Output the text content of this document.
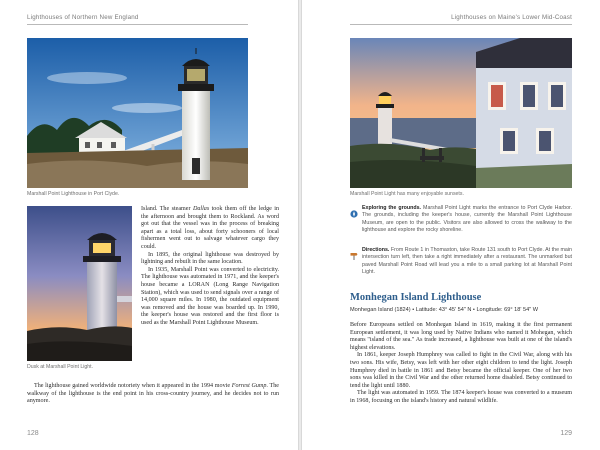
Lighthouses of Northern New England
Marshall Point Lighthouse in Port Clyde.
Dusk at Marshall Point Light.

Island. The steamer Dallas took them off the ledge in the afternoon and brought them to Rockland. As word got out that the vessel was in the process of breaking apart as a total loss, about forty schooners of local fishermen went out to salvage whatever cargo they could.

In 1895, the original lighthouse was destroyed by lightning and rebuilt in the same location.

In 1935, Marshall Point was converted to electricity. The lighthouse was automated in 1971, and the keeper's house became a LORAN (Long Range Navigation Station), which was used to send signals over a range of 14,000 square miles. In 1980, the outdated equipment was removed and the house was boarded up. In 1990, the keeper's house was restored and the first floor is used as the Marshall Point Lighthouse Museum.

The lighthouse gained worldwide notoriety when it appeared in the 1994 movie Forrest Gump. The walkway of the lighthouse is the end point in his cross-country journey, and he decides not to run anymore.

128
Lighthouses on Maine's Lower Mid-Coast
Marshall Point Light has many enjoyable sunsets.
Exploring the grounds. Marshall Point Light marks the entrance to Port Clyde Harbor. The grounds, including the keeper's house, currently the Marshall Point Lighthouse Museum, are open to the public. Visitors are also allowed to cross the walkway to the lighthouse and explore the rocky shoreline.
Directions. From Route 1 in Thomaston, take Route 131 south to Port Clyde. At the main intersection turn left, then take a right immediately after a restaurant. The unmarked but paved Marshall Point Road will lead you a mile to a small parking lot at Marshall Point Light.
Monhegan Island Lighthouse
Monhegan Island (1824) • Latitude: 43° 45' 54" N • Longitude: 69° 18' 54" W

Before Europeans settled on Monhegan Island in 1619, making it the first permanent European settlement, it was long used by Native Indians who named it Mohegan, which means "island of the sea." As trade increased, a lighthouse was built at one of the island's highest elevations.

In 1861, keeper Joseph Humphrey was called to fight in the Civil War, along with his two sons. His wife, Betsy, was left with her other eight children to tend the light. Joseph Humphrey died in battle in 1861 and Betsy became the official keeper. One of her two sons was killed in the Civil War and the other returned home disabled. Betsy continued to tend the light until 1880.

The light was automated in 1959. The 1874 keeper's house was converted to a museum in 1968, focusing on the island's history and natural wildlife.

129
